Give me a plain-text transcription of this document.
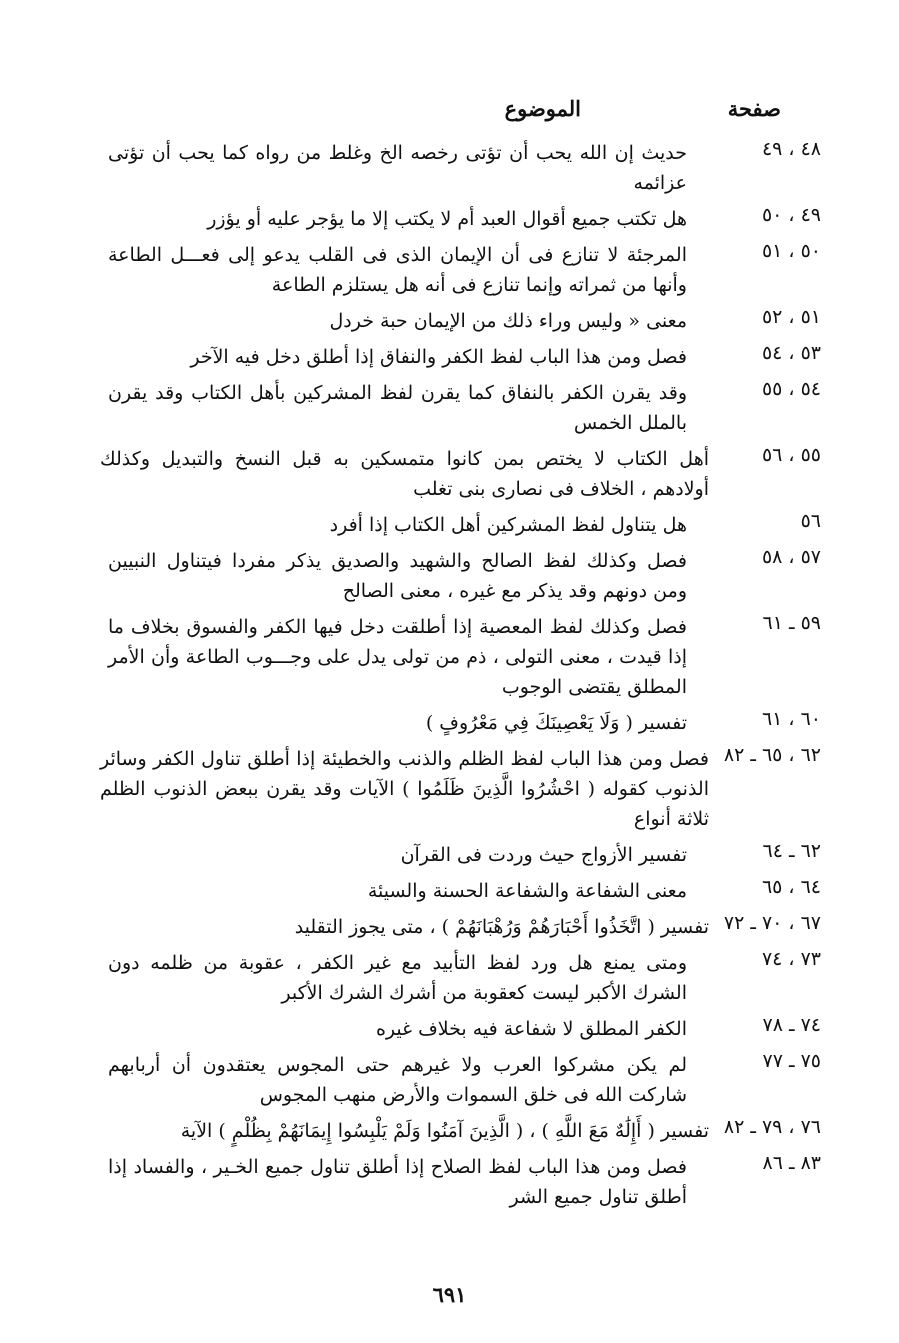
صفحة
الموضوع
٤٨ ، ٤٩
حديث إن الله يحب أن تؤتى رخصه الخ وغلط من رواه كما يحب أن تؤتى عزائمه
٤٩ ، ٥٠
هل تكتب جميع أقوال العبد أم لا يكتب إلا ما يؤجر عليه أو يؤزر
٥٠ ، ٥١
المرجئة لا تنازع فى أن الإيمان الذى فى القلب يدعو إلى فعـــل الطاعة وأنها من ثمراته وإنما تنازع فى أنه هل يستلزم الطاعة
٥١ ، ٥٢
معنى « وليس وراء ذلك من الإيمان حبة خردل
٥٣ ، ٥٤
فصل ومن هذا الباب لفظ الكفر والنفاق إذا أطلق دخل فيه الآخر
٥٤ ، ٥٥
وقد يقرن الكفر بالنفاق كما يقرن لفظ المشركين بأهل الكتاب وقد يقرن بالملل الخمس
٥٥ ، ٥٦
أهل الكتاب لا يختص بمن كانوا متمسكين به قبل النسخ والتبديل وكذلك أولادهم ، الخلاف فى نصارى بنى تغلب
٥٦
هل يتناول لفظ المشركين أهل الكتاب إذا أفرد
٥٧ ، ٥٨
فصل وكذلك لفظ الصالح والشهيد والصديق يذكر مفردا فيتناول النبيين ومن دونهم وقد يذكر مع غيره ، معنى الصالح
٥٩ ـ ٦١
فصل وكذلك لفظ المعصية إذا أطلقت دخل فيها الكفر والفسوق بخلاف ما إذا قيدت ، معنى التولى ، ذم من تولى يدل على وجـــوب الطاعة وأن الأمر المطلق يقتضى الوجوب
٦٠ ، ٦١
تفسير ( وَلَا يَعْصِينَكَ فِي مَعْرُوفٍ )
٦٢ ، ٦٥ ـ ٨٢
فصل ومن هذا الباب لفظ الظلم والذنب والخطيئة إذا أطلق تناول الكفر وسائر الذنوب كقوله ( احْشُرُوا الَّذِينَ ظَلَمُوا ) الآيات وقد يقرن ببعض الذنوب الظلم ثلاثة أنواع
٦٢ ـ ٦٤
تفسير الأزواج حيث وردت فى القرآن
٦٤ ، ٦٥
معنى الشفاعة والشفاعة الحسنة والسيئة
٦٧ ، ٧٠ ـ ٧٢
تفسير ( اتَّخَذُوا أَحْبَارَهُمْ وَرُهْبَانَهُمْ ) ، متى يجوز التقليد
٧٣ ، ٧٤
ومتى يمنع هل ورد لفظ التأبيد مع غير الكفر ، عقوبة من ظلمه دون الشرك الأكبر ليست كعقوبة من أشرك الشرك الأكبر
٧٤ ـ ٧٨
الكفر المطلق لا شفاعة فيه بخلاف غيره
٧٥ ـ ٧٧
لم يكن مشركوا العرب ولا غيرهم حتى المجوس يعتقدون أن أربابهم شاركت الله فى خلق السموات والأرض منهب المجوس
٧٦ ، ٧٩ ـ ٨٢
تفسير ( أَإِلَٰهٌ مَعَ اللَّهِ ) ، ( الَّذِينَ آمَنُوا وَلَمْ يَلْبِسُوا إِيمَانَهُمْ بِظُلْمٍ ) الآية
٨٣ ـ ٨٦
فصل ومن هذا الباب لفظ الصلاح إذا أطلق تناول جميع الخـير ، والفساد إذا أطلق تناول جميع الشر
٦٩١
